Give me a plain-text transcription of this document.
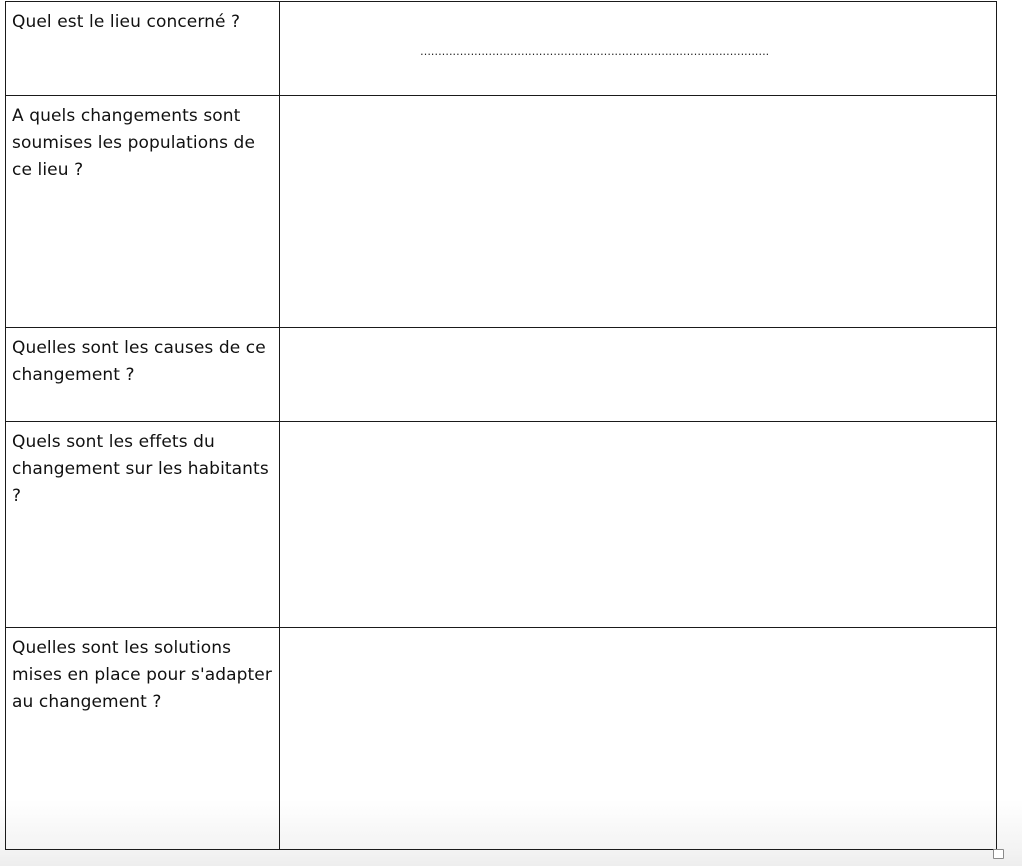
Quel est le lieu concerné ?	…………………………………………………………………………………….

A quels changements sont soumises les populations de ce lieu ?	

Quelles sont les causes de ce changement ?	

Quels sont les effets du changement sur les habitants ?	

Quelles sont les solutions mises en place pour s'adapter au changement ?	
